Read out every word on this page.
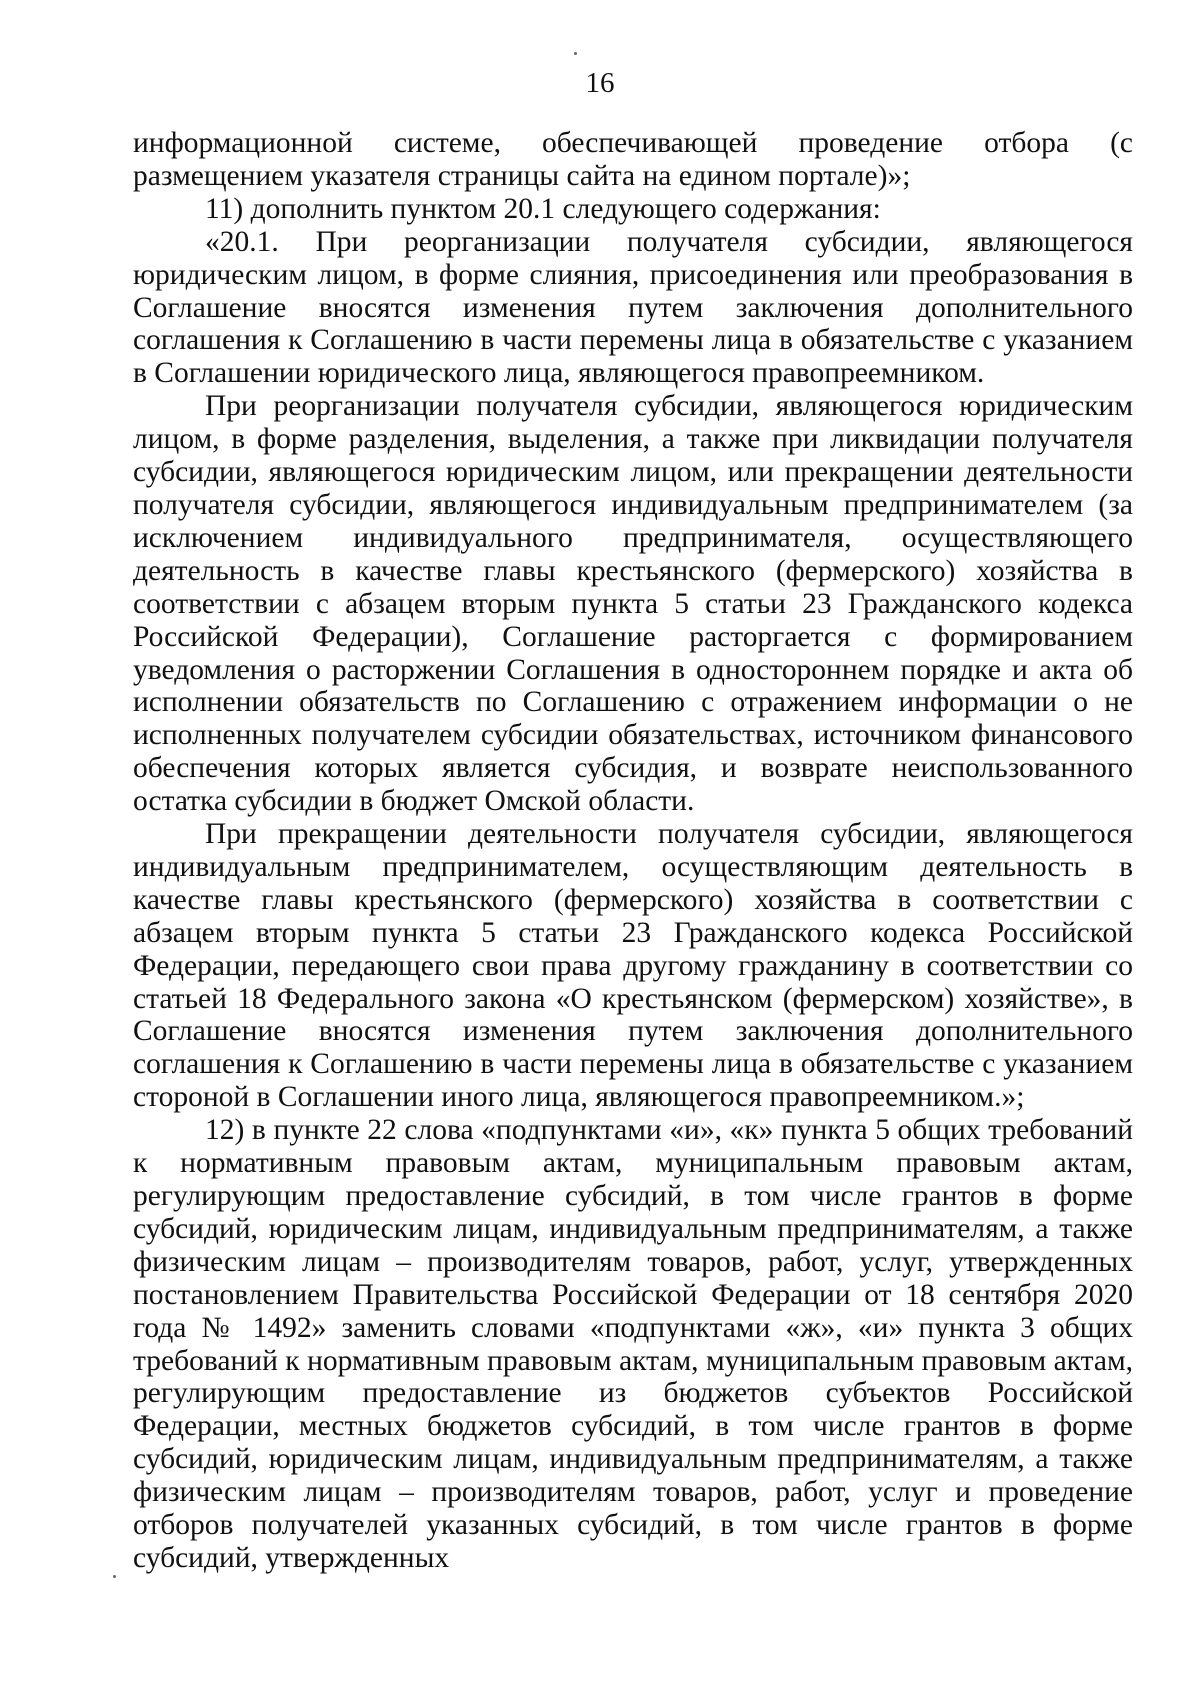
16

информационной системе, обеспечивающей проведение отбора (с размещением указателя страницы сайта на едином портале)»;

11) дополнить пунктом 20.1 следующего содержания:

«20.1. При реорганизации получателя субсидии, являющегося юридическим лицом, в форме слияния, присоединения или преобразования в Соглашение вносятся изменения путем заключения дополнительного соглашения к Соглашению в части перемены лица в обязательстве с указанием в Соглашении юридического лица, являющегося правопреемником.

При реорганизации получателя субсидии, являющегося юридическим лицом, в форме разделения, выделения, а также при ликвидации получателя субсидии, являющегося юридическим лицом, или прекращении деятельности получателя субсидии, являющегося индивидуальным предпринимателем (за исключением индивидуального предпринимателя, осуществляющего деятельность в качестве главы крестьянского (фермерского) хозяйства в соответствии с абзацем вторым пункта 5 статьи 23 Гражданского кодекса Российской Федерации), Соглашение расторгается с формированием уведомления о расторжении Соглашения в одностороннем порядке и акта об исполнении обязательств по Соглашению с отражением информации о не исполненных получателем субсидии обязательствах, источником финансового обеспечения которых является субсидия, и возврате неиспользованного остатка субсидии в бюджет Омской области.

При прекращении деятельности получателя субсидии, являющегося индивидуальным предпринимателем, осуществляющим деятельность в качестве главы крестьянского (фермерского) хозяйства в соответствии с абзацем вторым пункта 5 статьи 23 Гражданского кодекса Российской Федерации, передающего свои права другому гражданину в соответствии со статьей 18 Федерального закона «О крестьянском (фермерском) хозяйстве», в Соглашение вносятся изменения путем заключения дополнительного соглашения к Соглашению в части перемены лица в обязательстве с указанием стороной в Соглашении иного лица, являющегося правопреемником.»;

12) в пункте 22 слова «подпунктами «и», «к» пункта 5 общих требований к нормативным правовым актам, муниципальным правовым актам, регулирующим предоставление субсидий, в том числе грантов в форме субсидий, юридическим лицам, индивидуальным предпринимателям, а также физическим лицам – производителям товаров, работ, услуг, утвержденных постановлением Правительства Российской Федерации от 18 сентября 2020 года № 1492» заменить словами «подпунктами «ж», «и» пункта 3 общих требований к нормативным правовым актам, муниципальным правовым актам, регулирующим предоставление из бюджетов субъектов Российской Федерации, местных бюджетов субсидий, в том числе грантов в форме субсидий, юридическим лицам, индивидуальным предпринимателям, а также физическим лицам – производителям товаров, работ, услуг и проведение отборов получателей указанных субсидий, в том числе грантов в форме субсидий, утвержденных
